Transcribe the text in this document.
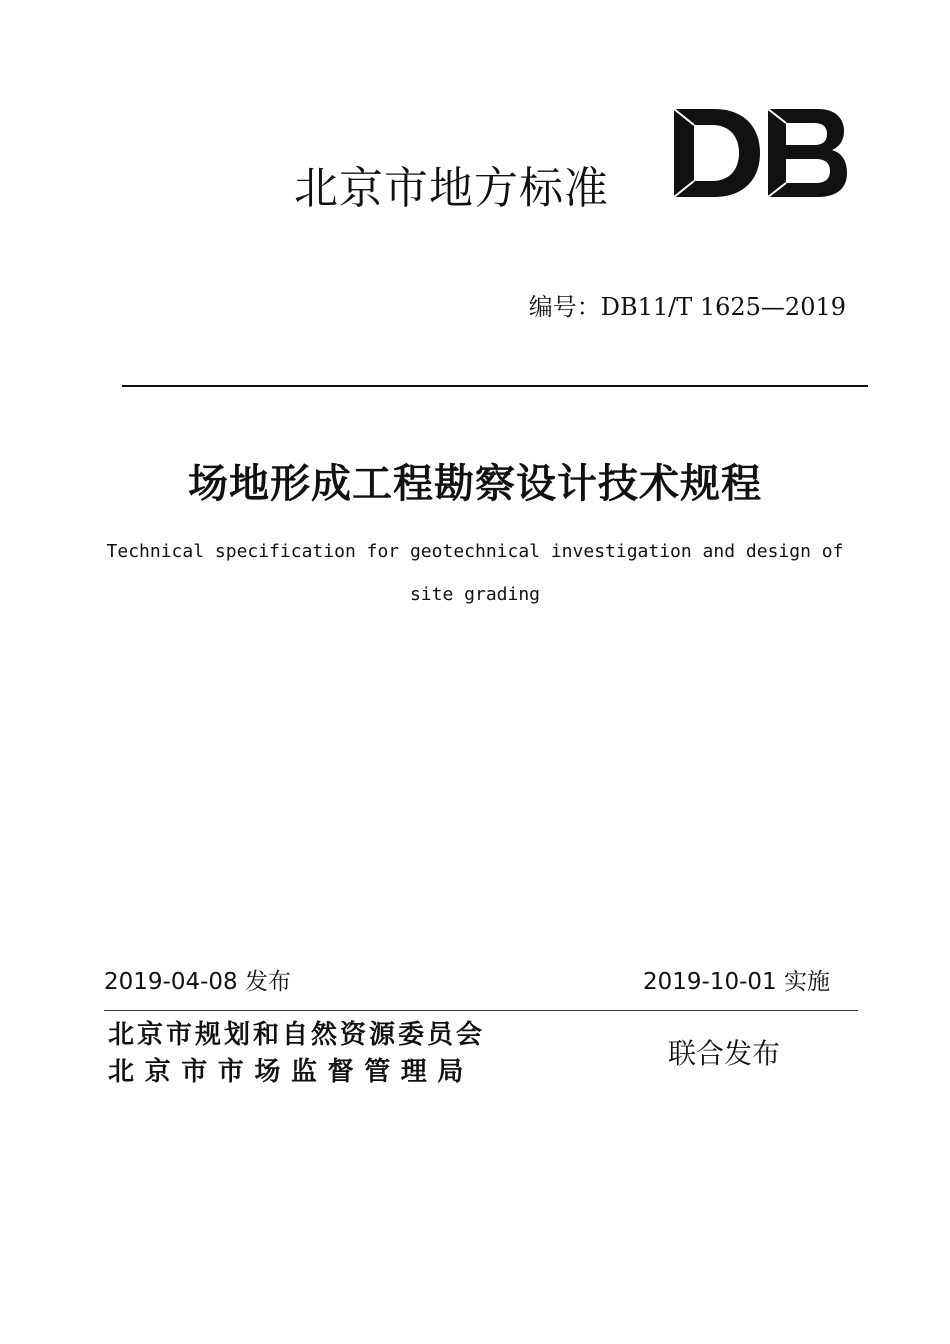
北京市地方标准
编号：DB11/T 1625—2019
场地形成工程勘察设计技术规程
Technical specification for geotechnical investigation and design of
site grading
2019-04-08 发布	2019-10-01 实施
北京市规划和自然资源委员会
北京市市场监督管理局
联合发布
